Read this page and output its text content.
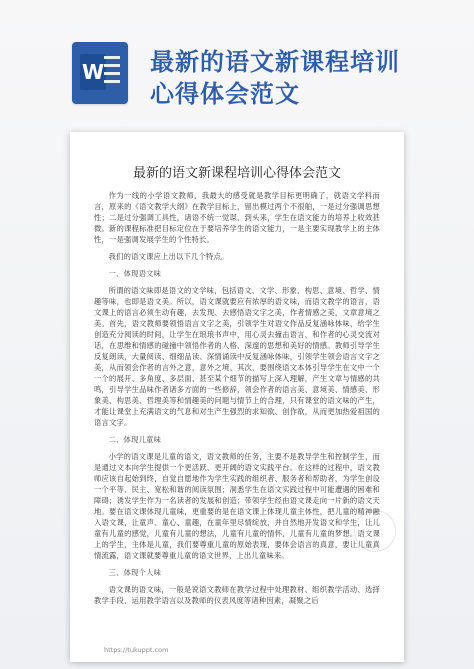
W 最新的语文新课程培训
心得体会范文
最新的语文新课程培训心得体会范文

作为一线的小学语文教师，我最大的感受就是教学目标更明确了，就语文学科而言，原来的《语文教学大纲》在教学目标上，留出模过两个不很舶，一是过分强调思想性；二是过分强调工具性，诸语不统一觉谋，到头来，学生在语文能力的培养上收效甚微。新的课程标准把目标定位在于要培养学生的语文能力，一是主要实现教学上的主体性，一是强调发展学生的个性特长。

我们的语文课应上出以下几个特点。

一、体现语文味

所谓的语文味即是语文的文学味，包括语文、文学、形象、构思、意境、哲学、情趣等味，也即是语文美。所以，语文课就要应有浓厚的语文味，而语文教学的语言，语文课上的语言必须生动有趣，去发现、去感悟语文字之美，作者情感之美，文章意境之美。首先，语文教师要领悟语言文字之美，引领学生对语文作品反复涵咏体味，给学生创造充分阅读的时间，让学生在琅琅书声中，用心灵去撞击语言，和作者的心灵交流对话，在思维和情感的碰撞中领悟作者的人格、深邃的思想和美好的情感。教师引导学生反复朗读，大量阅读、细细品读、深情诵读中反复涵咏体味，引领学生领会语言文字之美，从而领会作者的言外之意，意外之境。其次，要围绕语文本体引导学生在文中一个一个的展开、多角度、多层面、甚至某个细节的描写上深入理解，产生文章与情感的共鸣，引导学生品味作者诸多方面的一些修辞，领会作者的语言美、意境美、情感美、形象美、构思美、哲理美等和情趣美的问题与情节上的合理，只有课堂的语文味的产生，才能让课堂上充满语文的气息和对生产生强烈的求知欲、创作欲，从而更加热爱祖国的语言文字。

二、体现儿童味

小学的语文课是儿童的语文，语文教师的任务，主要不是教导学生和控制学生，而是通过文本向学生提供一个更活跃、更开阔的语文实践平台。在这样的过程中，语文教师应该自起始到终，自觉自愿地作为学生实践的组织者、服务者和帮助者，为学生创设一个平等、民主、宽松和谐的阅读氛围；洞悉学生在语文实践过程中可能遭遇的困难和障碍；诱发学生作为一名读者的发展和创造；带领学生经由语文课走向一片新的语文天地。要在语文课体现儿童味，更重要的是在语文课上体现儿童主体性，把儿童的精神融入语文课，让童声、童心、童趣，在童年里尽情绽放，并自然地开发语文和学生，让儿童有儿童的感觉，儿童有儿童的想法，儿童有儿童的情怀，儿童有儿童的梦想。语文课上的学生，主体是儿童，我们要尊重儿童的原始表现，要体会语言的真意，要让儿童真情流露，语文课就要尊重儿童的语文世界，上出儿童味来。

三、体现个人味

语文课的语文味，一般是说语文教师在教学过程中处理教材、组织教学活动、选择教学手段、运用教学语言以及教师的仪表风度等诸种因素，凝聚之后

https://tukuppt.com
